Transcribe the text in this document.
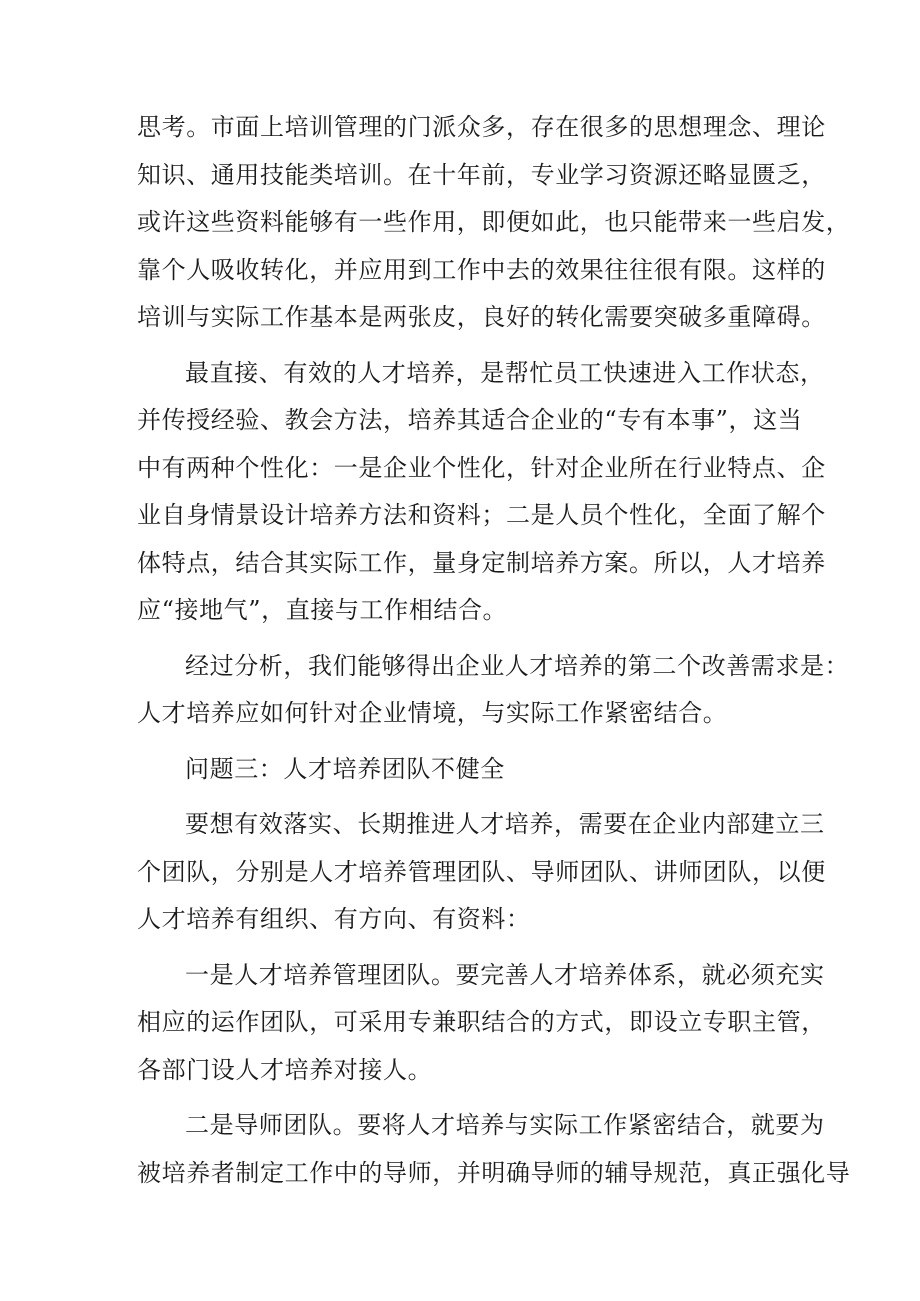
思考。市面上培训管理的门派众多，存在很多的思想理念、理论
知识、通用技能类培训。在十年前，专业学习资源还略显匮乏，
或许这些资料能够有一些作用，即便如此，也只能带来一些启发，
靠个人吸收转化，并应用到工作中去的效果往往很有限。这样的
培训与实际工作基本是两张皮，良好的转化需要突破多重障碍。
最直接、有效的人才培养，是帮忙员工快速进入工作状态，
并传授经验、教会方法，培养其适合企业的“专有本事”，这当
中有两种个性化：一是企业个性化，针对企业所在行业特点、企
业自身情景设计培养方法和资料；二是人员个性化，全面了解个
体特点，结合其实际工作，量身定制培养方案。所以，人才培养
应“接地气”，直接与工作相结合。
经过分析，我们能够得出企业人才培养的第二个改善需求是：
人才培养应如何针对企业情境，与实际工作紧密结合。
问题三：人才培养团队不健全
要想有效落实、长期推进人才培养，需要在企业内部建立三
个团队，分别是人才培养管理团队、导师团队、讲师团队，以便
人才培养有组织、有方向、有资料：
一是人才培养管理团队。要完善人才培养体系，就必须充实
相应的运作团队，可采用专兼职结合的方式，即设立专职主管，
各部门设人才培养对接人。
二是导师团队。要将人才培养与实际工作紧密结合，就要为
被培养者制定工作中的导师，并明确导师的辅导规范，真正强化导
